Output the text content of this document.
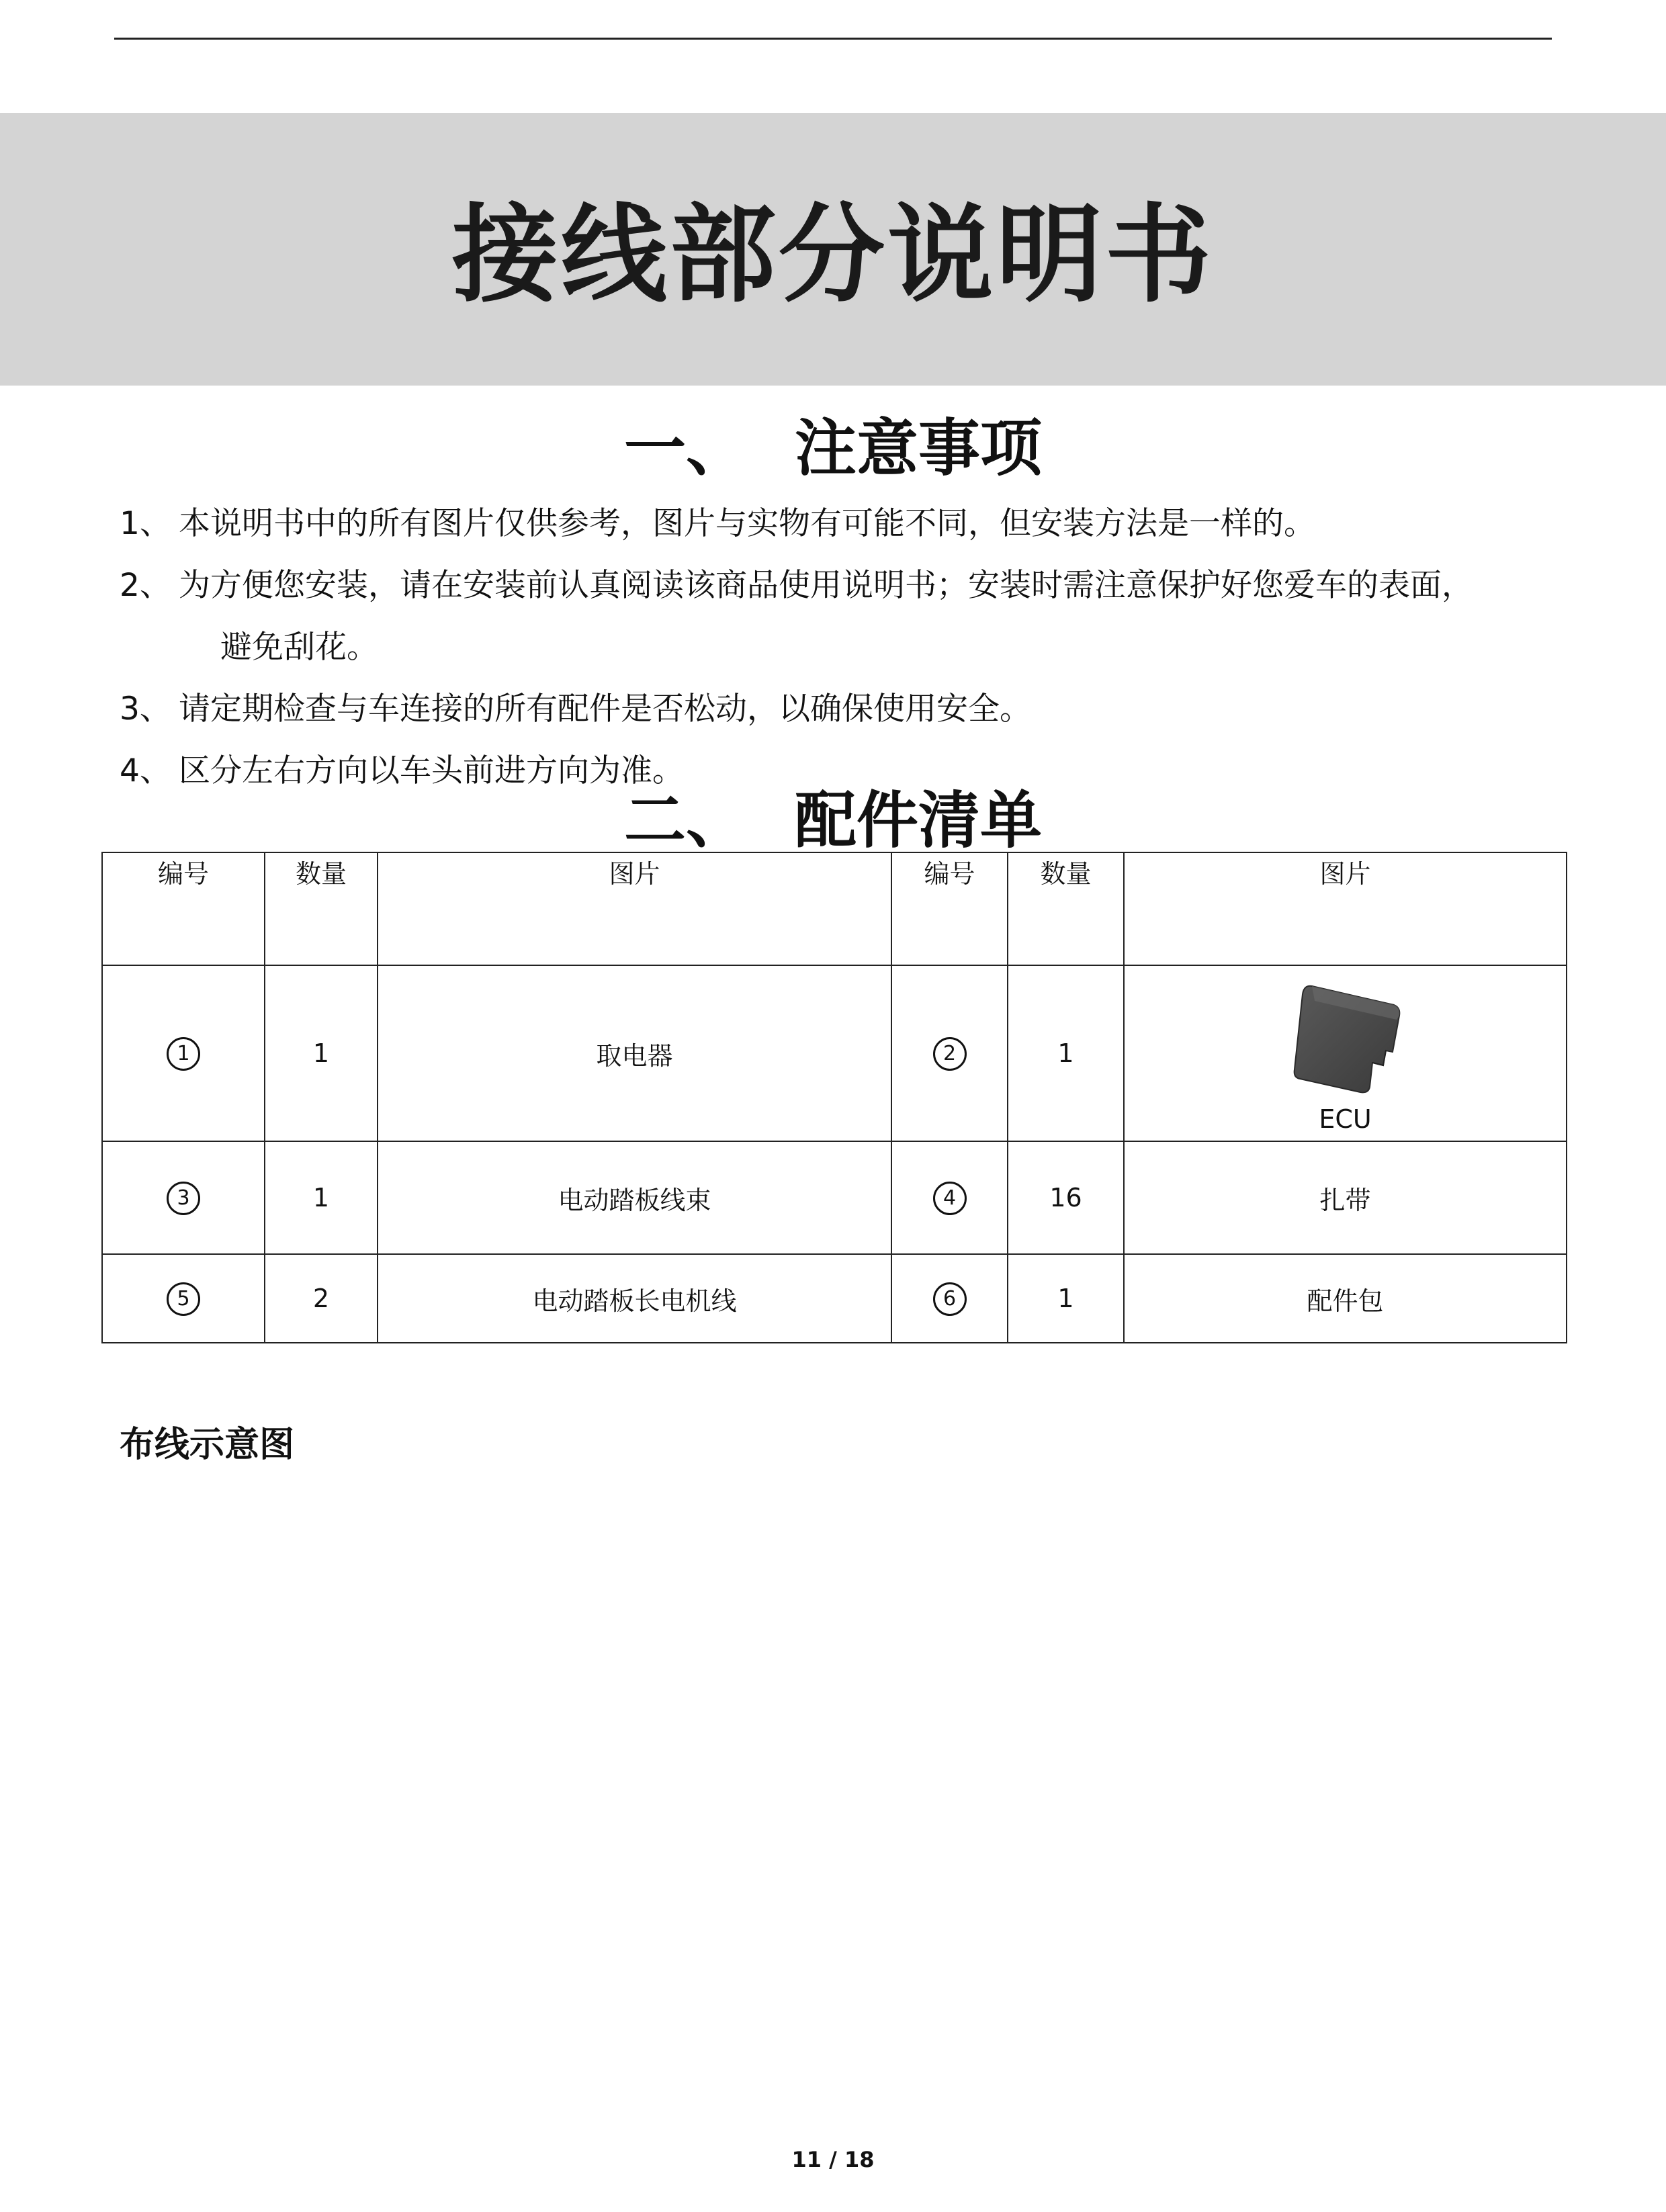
接线部分说明书
一、 注意事项
1、 本说明书中的所有图片仅供参考，图片与实物有可能不同，但安装方法是一样的。
2、 为方便您安装，请在安装前认真阅读该商品使用说明书；安装时需注意保护好您爱车的表面，
避免刮花。
3、 请定期检查与车连接的所有配件是否松动，以确保使用安全。
4、 区分左右方向以车头前进方向为准。
二、 配件清单
编号	数量	图片	编号	数量	图片
1	1	取电器	2	1	ECU

3	1	电动踏板线束	4	16	扎带
5	2	电动踏板长电机线	6	1	配件包
布线示意图
11 / 18
